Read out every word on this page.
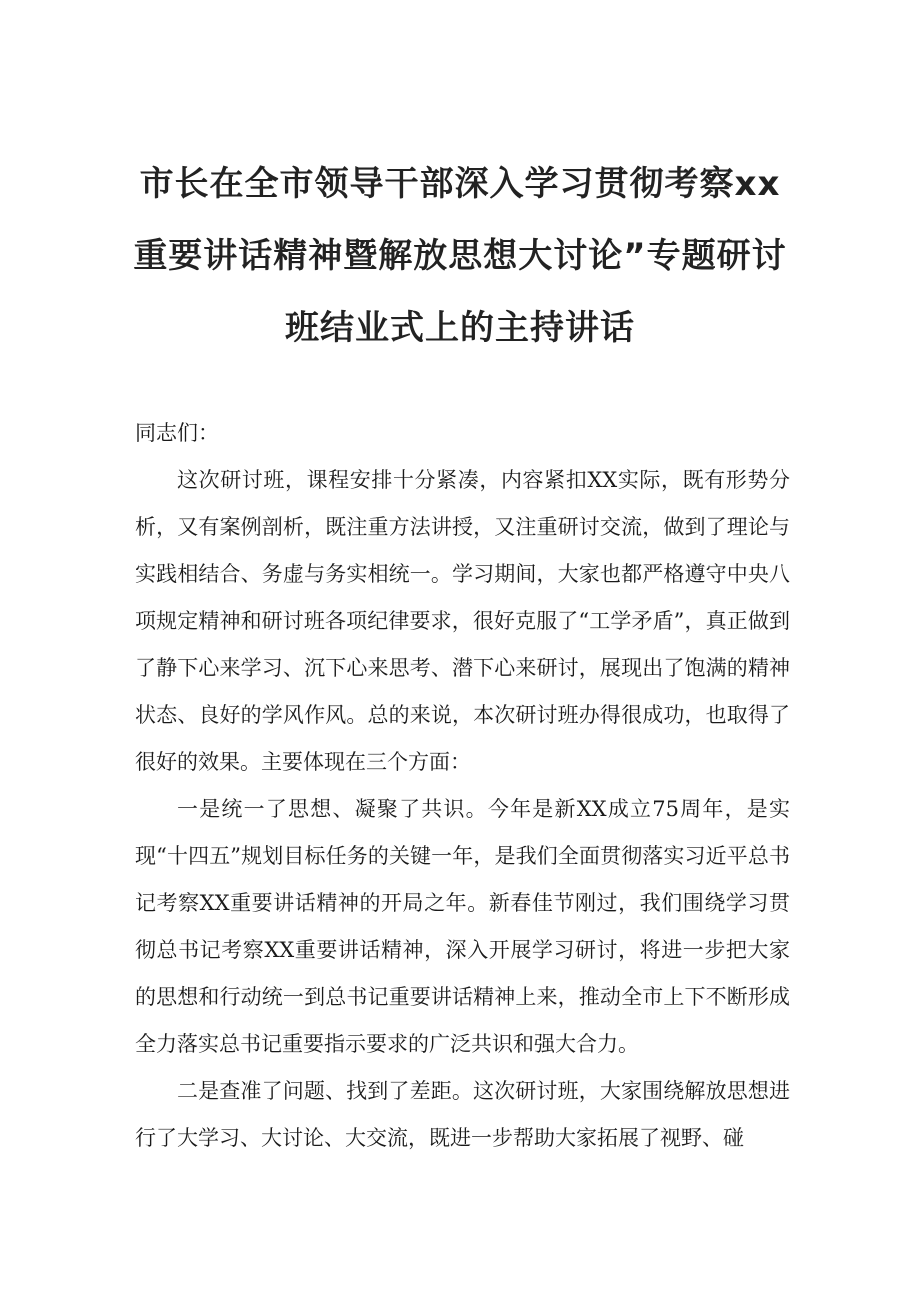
市长在全市领导干部深入学习贯彻考察xx
重要讲话精神暨解放思想大讨论”专题研讨
班结业式上的主持讲话
同志们：

这次研讨班，课程安排十分紧凑，内容紧扣XX实际，既有形势分析，又有案例剖析，既注重方法讲授，又注重研讨交流，做到了理论与实践相结合、务虚与务实相统一。学习期间，大家也都严格遵守中央八项规定精神和研讨班各项纪律要求，很好克服了“工学矛盾”，真正做到了静下心来学习、沉下心来思考、潜下心来研讨，展现出了饱满的精神状态、良好的学风作风。总的来说，本次研讨班办得很成功，也取得了很好的效果。主要体现在三个方面：

一是统一了思想、凝聚了共识。今年是新XX成立75周年，是实现“十四五”规划目标任务的关键一年，是我们全面贯彻落实习近平总书记考察XX重要讲话精神的开局之年。新春佳节刚过，我们围绕学习贯彻总书记考察XX重要讲话精神，深入开展学习研讨，将进一步把大家的思想和行动统一到总书记重要讲话精神上来，推动全市上下不断形成全力落实总书记重要指示要求的广泛共识和强大合力。

二是查准了问题、找到了差距。这次研讨班，大家围绕解放思想进行了大学习、大讨论、大交流，既进一步帮助大家拓展了视野、碰
